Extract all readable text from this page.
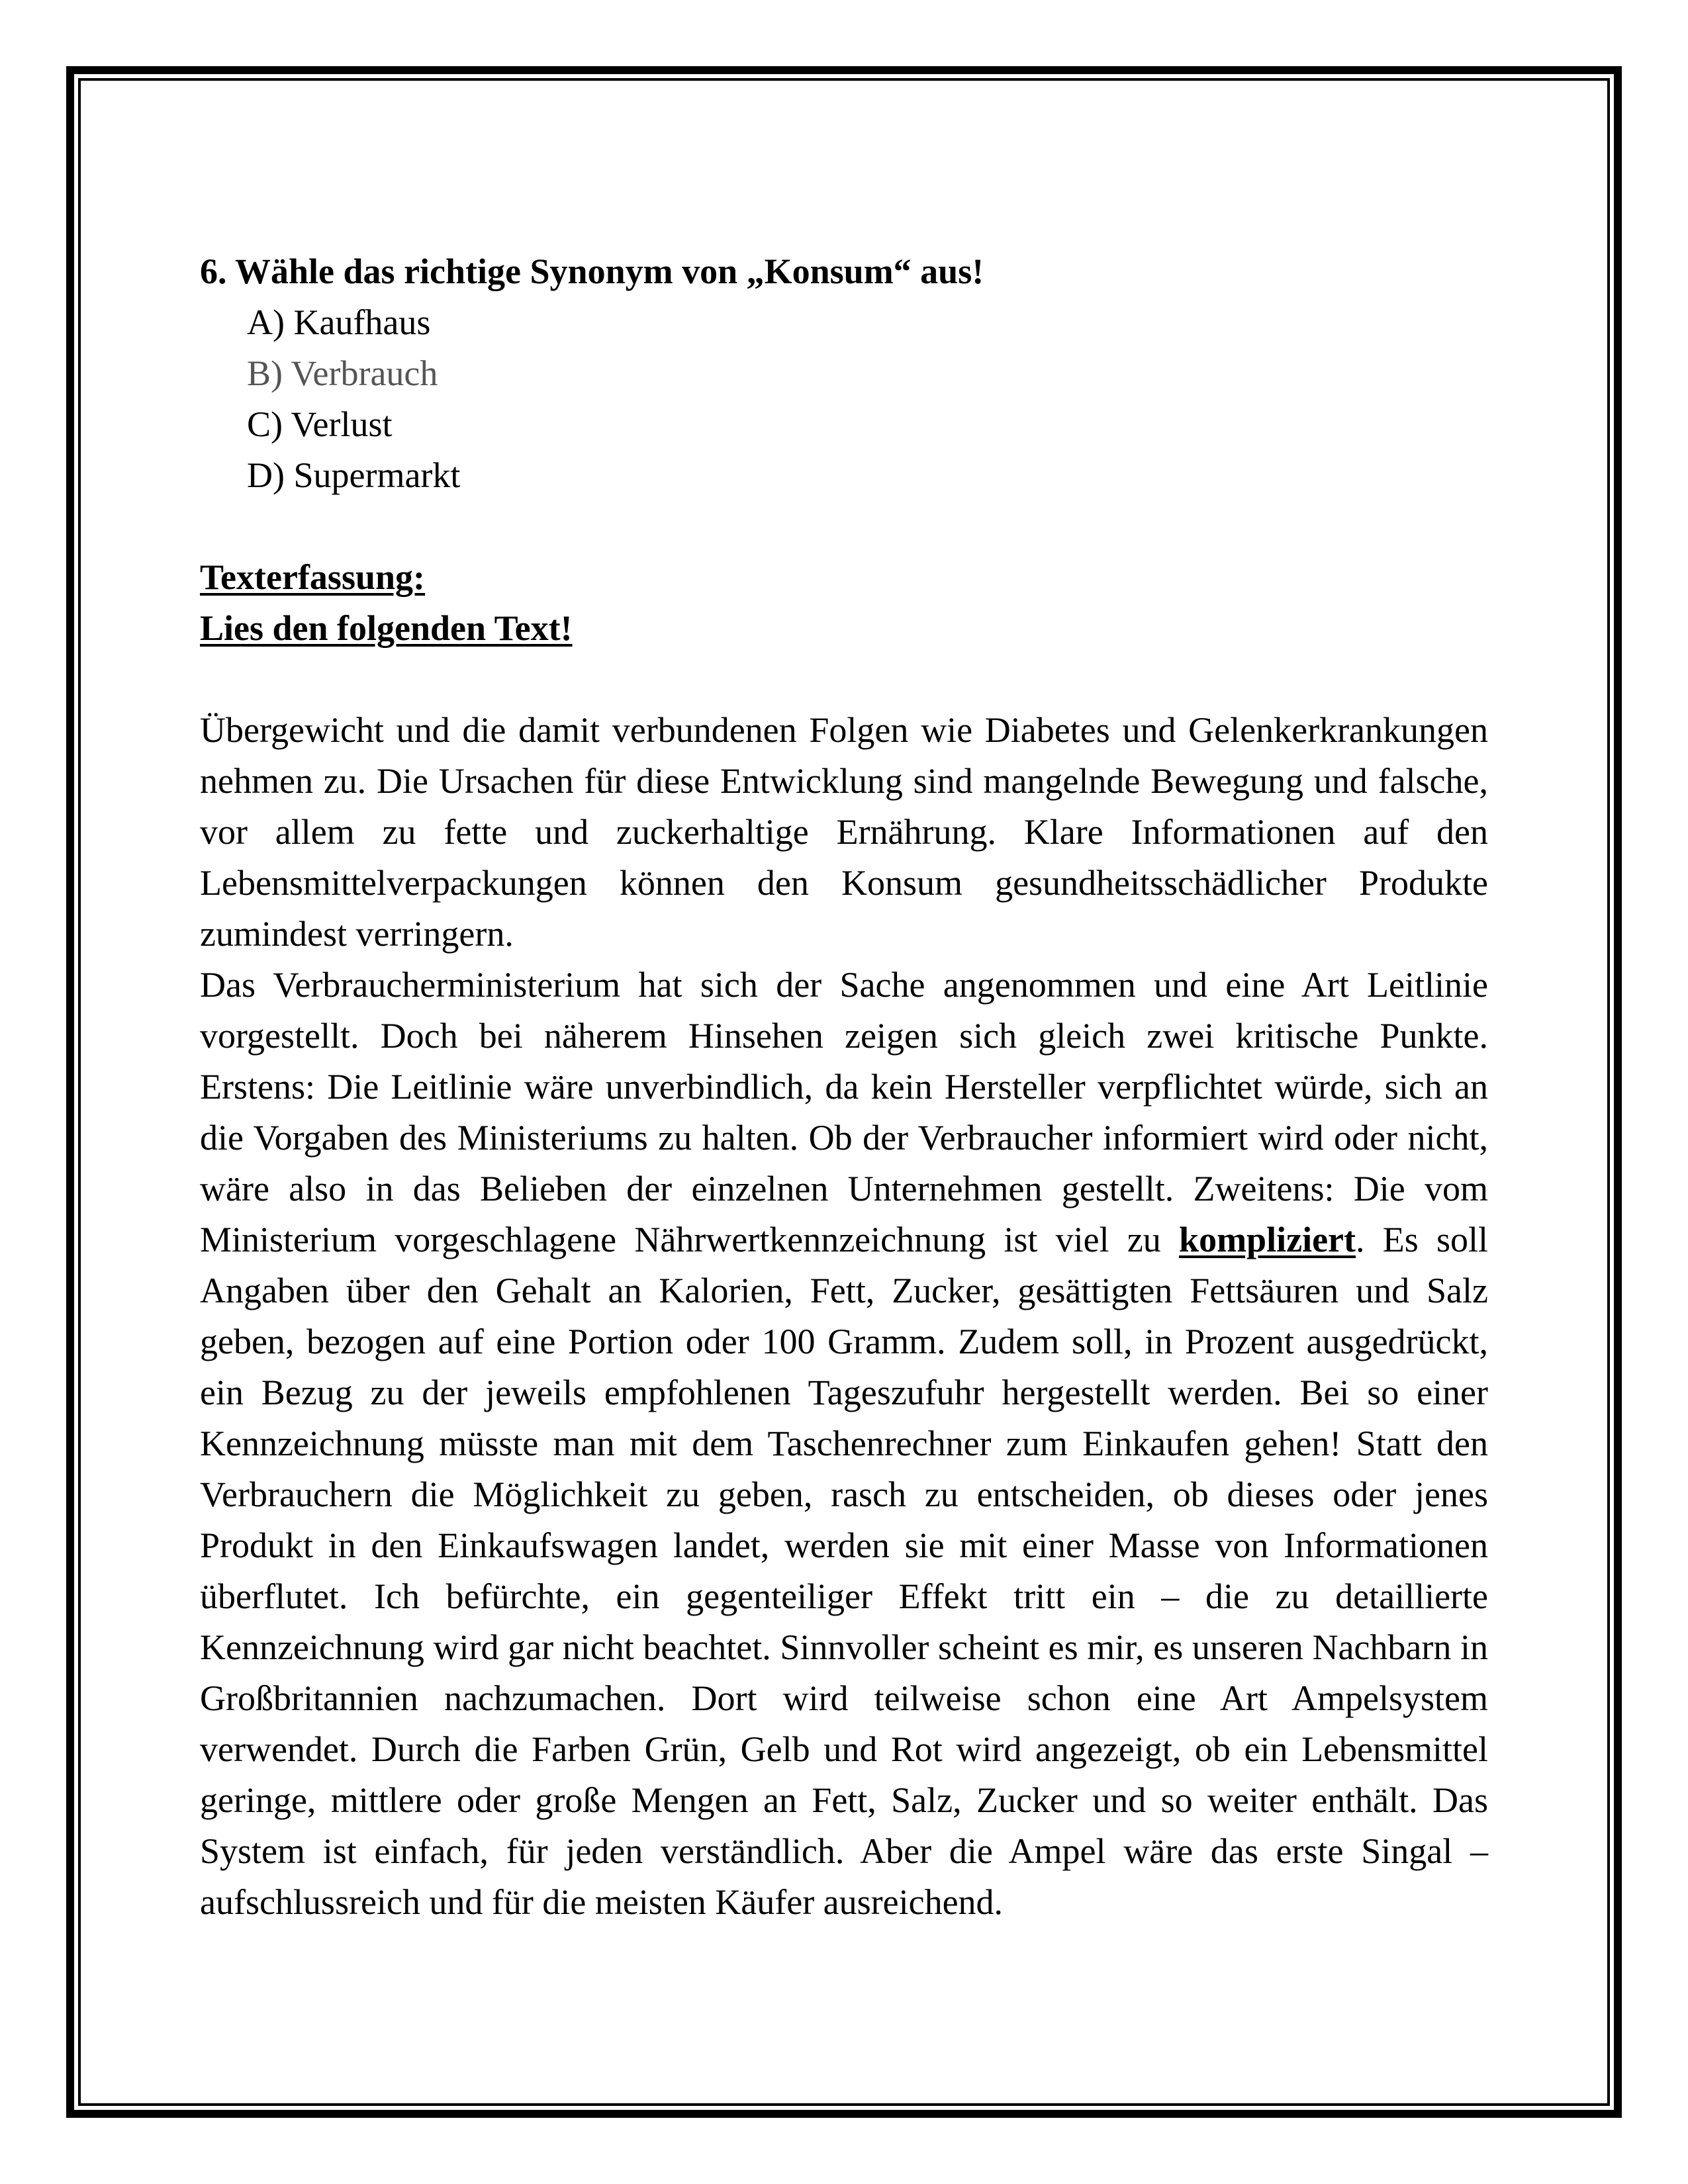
6. Wähle das richtige Synonym von „Konsum“ aus!

A) Kaufhaus
B) Verbrauch
C) Verlust
D) Supermarkt

Texterfassung:

Lies den folgenden Text!

Übergewicht und die damit verbundenen Folgen wie Diabetes und Gelenkerkrankungen nehmen zu. Die Ursachen für diese Entwicklung sind mangelnde Bewegung und falsche, vor allem zu fette und zuckerhaltige Ernährung. Klare Informationen auf den Lebensmittelverpackungen können den Konsum gesundheitsschädlicher Produkte zumindest verringern.

Das Verbraucherministerium hat sich der Sache angenommen und eine Art Leitlinie vorgestellt. Doch bei näherem Hinsehen zeigen sich gleich zwei kritische Punkte. Erstens: Die Leitlinie wäre unverbindlich, da kein Hersteller verpflichtet würde, sich an die Vorgaben des Ministeriums zu halten. Ob der Verbraucher informiert wird oder nicht, wäre also in das Belieben der einzelnen Unternehmen gestellt. Zweitens: Die vom Ministerium vorgeschlagene Nährwertkennzeichnung ist viel zu kompliziert. Es soll Angaben über den Gehalt an Kalorien, Fett, Zucker, gesättigten Fettsäuren und Salz geben, bezogen auf eine Portion oder 100 Gramm. Zudem soll, in Prozent ausgedrückt, ein Bezug zu der jeweils empfohlenen Tageszufuhr hergestellt werden. Bei so einer Kennzeichnung müsste man mit dem Taschenrechner zum Einkaufen gehen! Statt den Verbrauchern die Möglichkeit zu geben, rasch zu entscheiden, ob dieses oder jenes Produkt in den Einkaufswagen landet, werden sie mit einer Masse von Informationen überflutet. Ich befürchte, ein gegenteiliger Effekt tritt ein – die zu detaillierte Kennzeichnung wird gar nicht beachtet. Sinnvoller scheint es mir, es unseren Nachbarn in Großbritannien nachzumachen. Dort wird teilweise schon eine Art Ampelsystem verwendet. Durch die Farben Grün, Gelb und Rot wird angezeigt, ob ein Lebensmittel geringe, mittlere oder große Mengen an Fett, Salz, Zucker und so weiter enthält. Das System ist einfach, für jeden verständlich. Aber die Ampel wäre das erste Singal – aufschlussreich und für die meisten Käufer ausreichend.
